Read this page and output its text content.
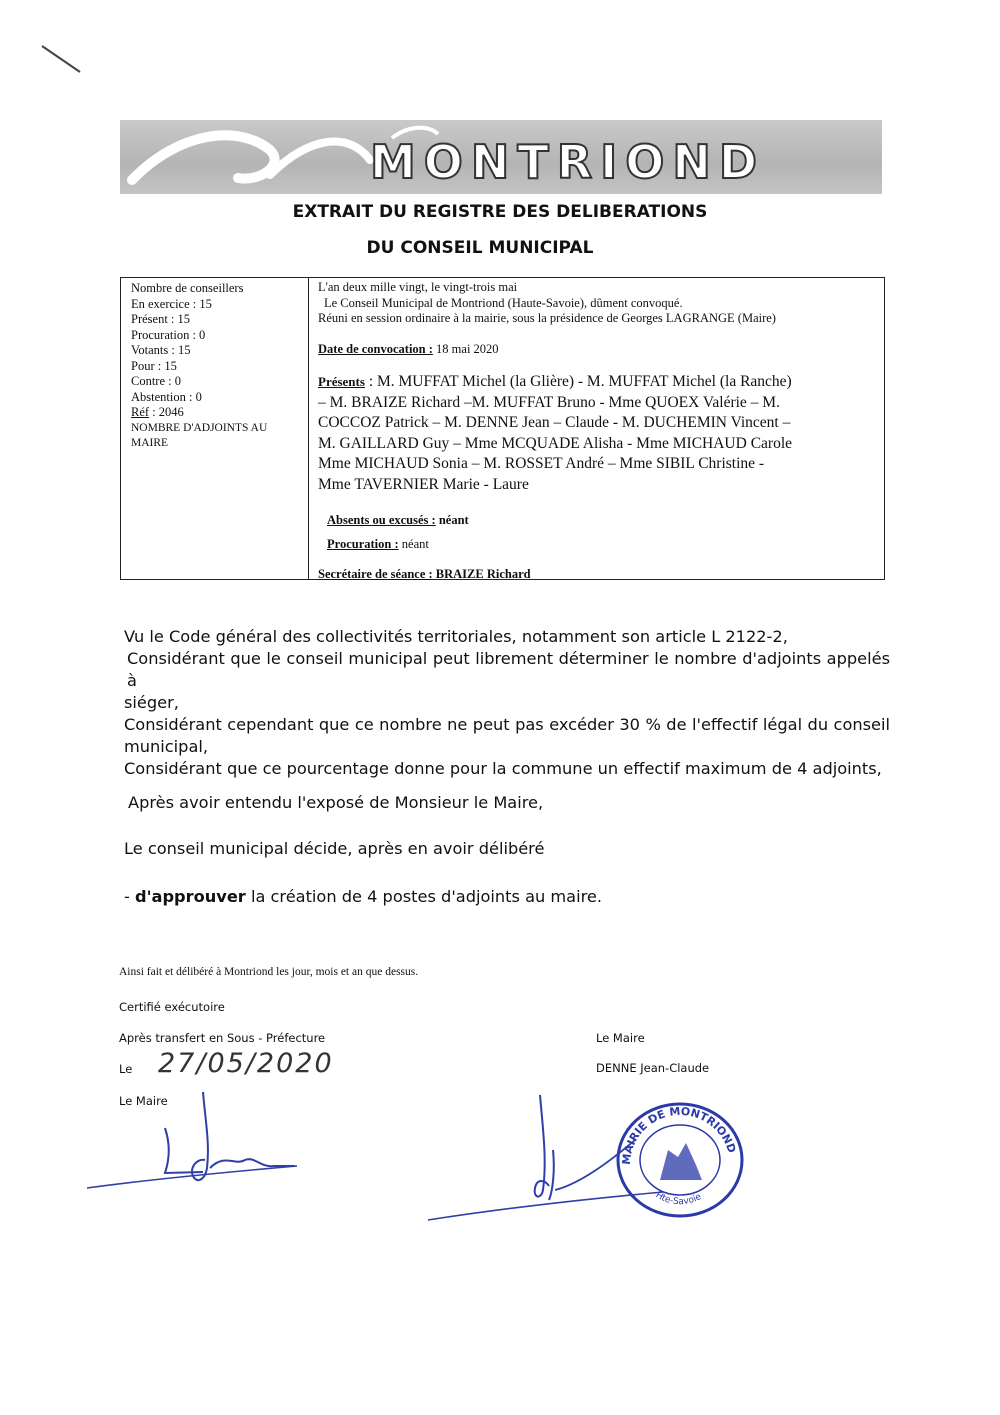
MONTRIOND
EXTRAIT DU REGISTRE DES DELIBERATIONS
DU CONSEIL MUNICIPAL
Nombre de conseillers
En exercice : 15
Présent : 15
Procuration : 0
Votants : 15
Pour : 15
Contre : 0
Abstention : 0
Réf : 2046
NOMBRE D'ADJOINTS AU
MAIRE
L'an deux mille vingt, le vingt-trois mai
Le Conseil Municipal de Montriond (Haute-Savoie), dûment convoqué.
Réuni en session ordinaire à la mairie, sous la présidence de Georges LAGRANGE (Maire)
Date de convocation : 18 mai 2020
Présents : M. MUFFAT Michel (la Glière) - M. MUFFAT Michel (la Ranche)
– M. BRAIZE Richard –M. MUFFAT Bruno - Mme QUOEX Valérie – M.
COCCOZ Patrick – M. DENNE Jean – Claude - M. DUCHEMIN Vincent –
M. GAILLARD Guy – Mme MCQUADE Alisha - Mme MICHAUD Carole
Mme MICHAUD Sonia – M. ROSSET André – Mme SIBIL Christine -
Mme TAVERNIER Marie - Laure
Absents ou excusés : néant
Procuration : néant
Secrétaire de séance : BRAIZE Richard
Vu le Code général des collectivités territoriales, notamment son article L 2122-2,
Considérant que le conseil municipal peut librement déterminer le nombre d'adjoints appelés à
siéger,
Considérant cependant que ce nombre ne peut pas excéder 30 % de l'effectif légal du conseil
municipal,
Considérant que ce pourcentage donne pour la commune un effectif maximum de 4 adjoints,
Après avoir entendu l'exposé de Monsieur le Maire,
Le conseil municipal décide, après en avoir délibéré
- d'approuver la création de 4 postes d'adjoints au maire.
Ainsi fait et délibéré à Montriond les jour, mois et an que dessus.
Certifié exécutoire
Après transfert en Sous - Préfecture
Le 27/05/2020
Le Maire
Le Maire
DENNE Jean-Claude
MAIRIE DE MONTRIOND
Hte-Savoie
